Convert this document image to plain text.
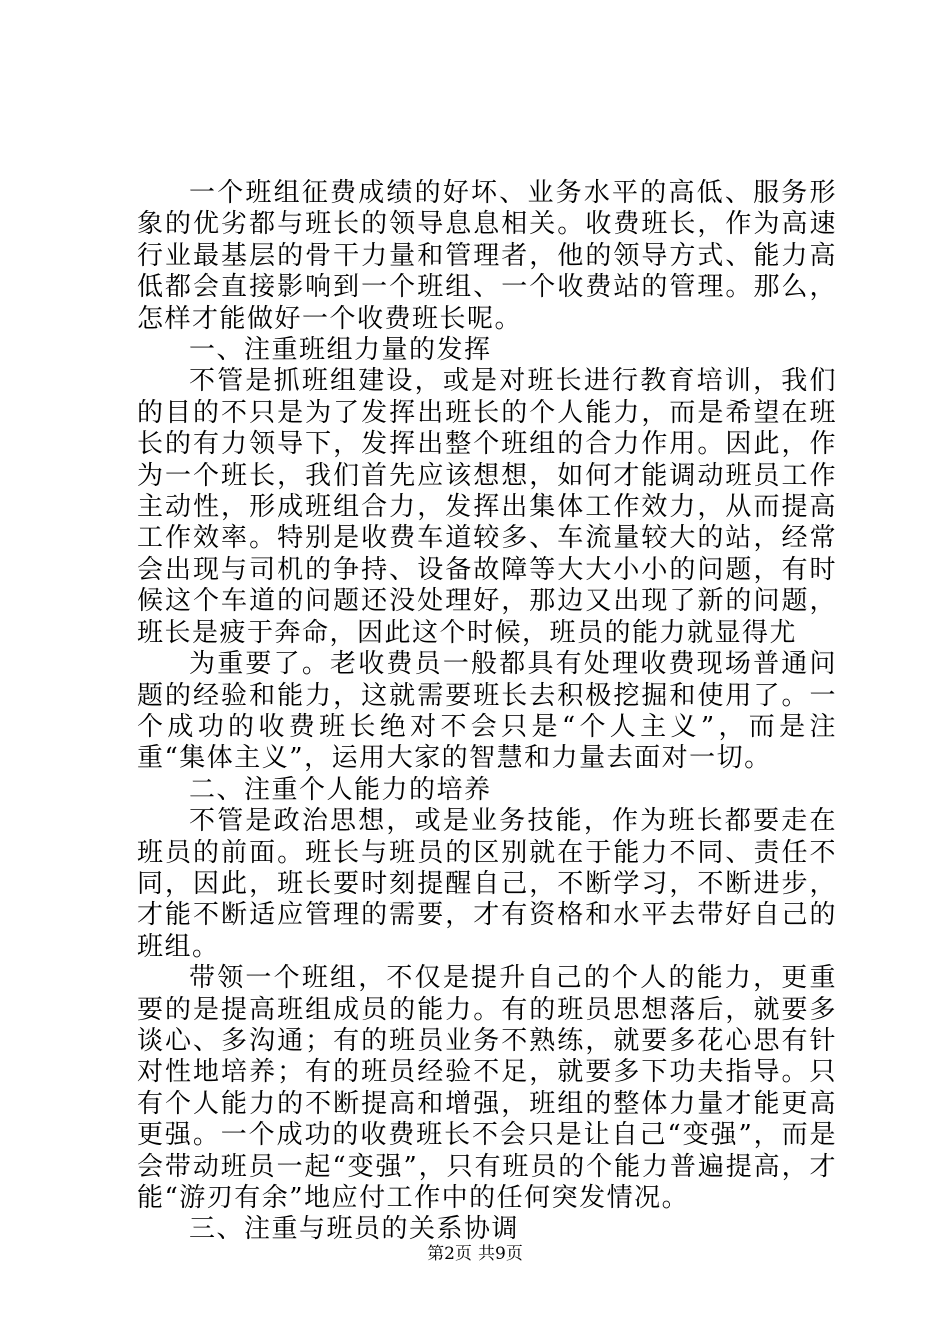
一个班组征费成绩的好坏、业务水平的高低、服务形象的优劣都与班长的领导息息相关。收费班长，作为高速行业最基层的骨干力量和管理者，他的领导方式、能力高低都会直接影响到一个班组、一个收费站的管理。那么，怎样才能做好一个收费班长呢。

一、注重班组力量的发挥

不管是抓班组建设，或是对班长进行教育培训，我们的目的不只是为了发挥出班长的个人能力，而是希望在班长的有力领导下，发挥出整个班组的合力作用。因此，作为一个班长，我们首先应该想想，如何才能调动班员工作主动性，形成班组合力，发挥出集体工作效力，从而提高工作效率。特别是收费车道较多、车流量较大的站，经常会出现与司机的争持、设备故障等大大小小的问题，有时候这个车道的问题还没处理好，那边又出现了新的问题，班长是疲于奔命，因此这个时候，班员的能力就显得尤

为重要了。老收费员一般都具有处理收费现场普通问题的经验和能力，这就需要班长去积极挖掘和使用了。一个成功的收费班长绝对不会只是“个人主义”，而是注重“集体主义”，运用大家的智慧和力量去面对一切。

二、注重个人能力的培养

不管是政治思想，或是业务技能，作为班长都要走在班员的前面。班长与班员的区别就在于能力不同、责任不同，因此，班长要时刻提醒自己，不断学习，不断进步，才能不断适应管理的需要，才有资格和水平去带好自己的班组。

带领一个班组，不仅是提升自己的个人的能力，更重要的是提高班组成员的能力。有的班员思想落后，就要多谈心、多沟通；有的班员业务不熟练，就要多花心思有针对性地培养；有的班员经验不足，就要多下功夫指导。只有个人能力的不断提高和增强，班组的整体力量才能更高更强。一个成功的收费班长不会只是让自己“变强”，而是会带动班员一起“变强”，只有班员的个能力普遍提高，才能“游刃有余”地应付工作中的任何突发情况。

三、注重与班员的关系协调

第2页 共9页
